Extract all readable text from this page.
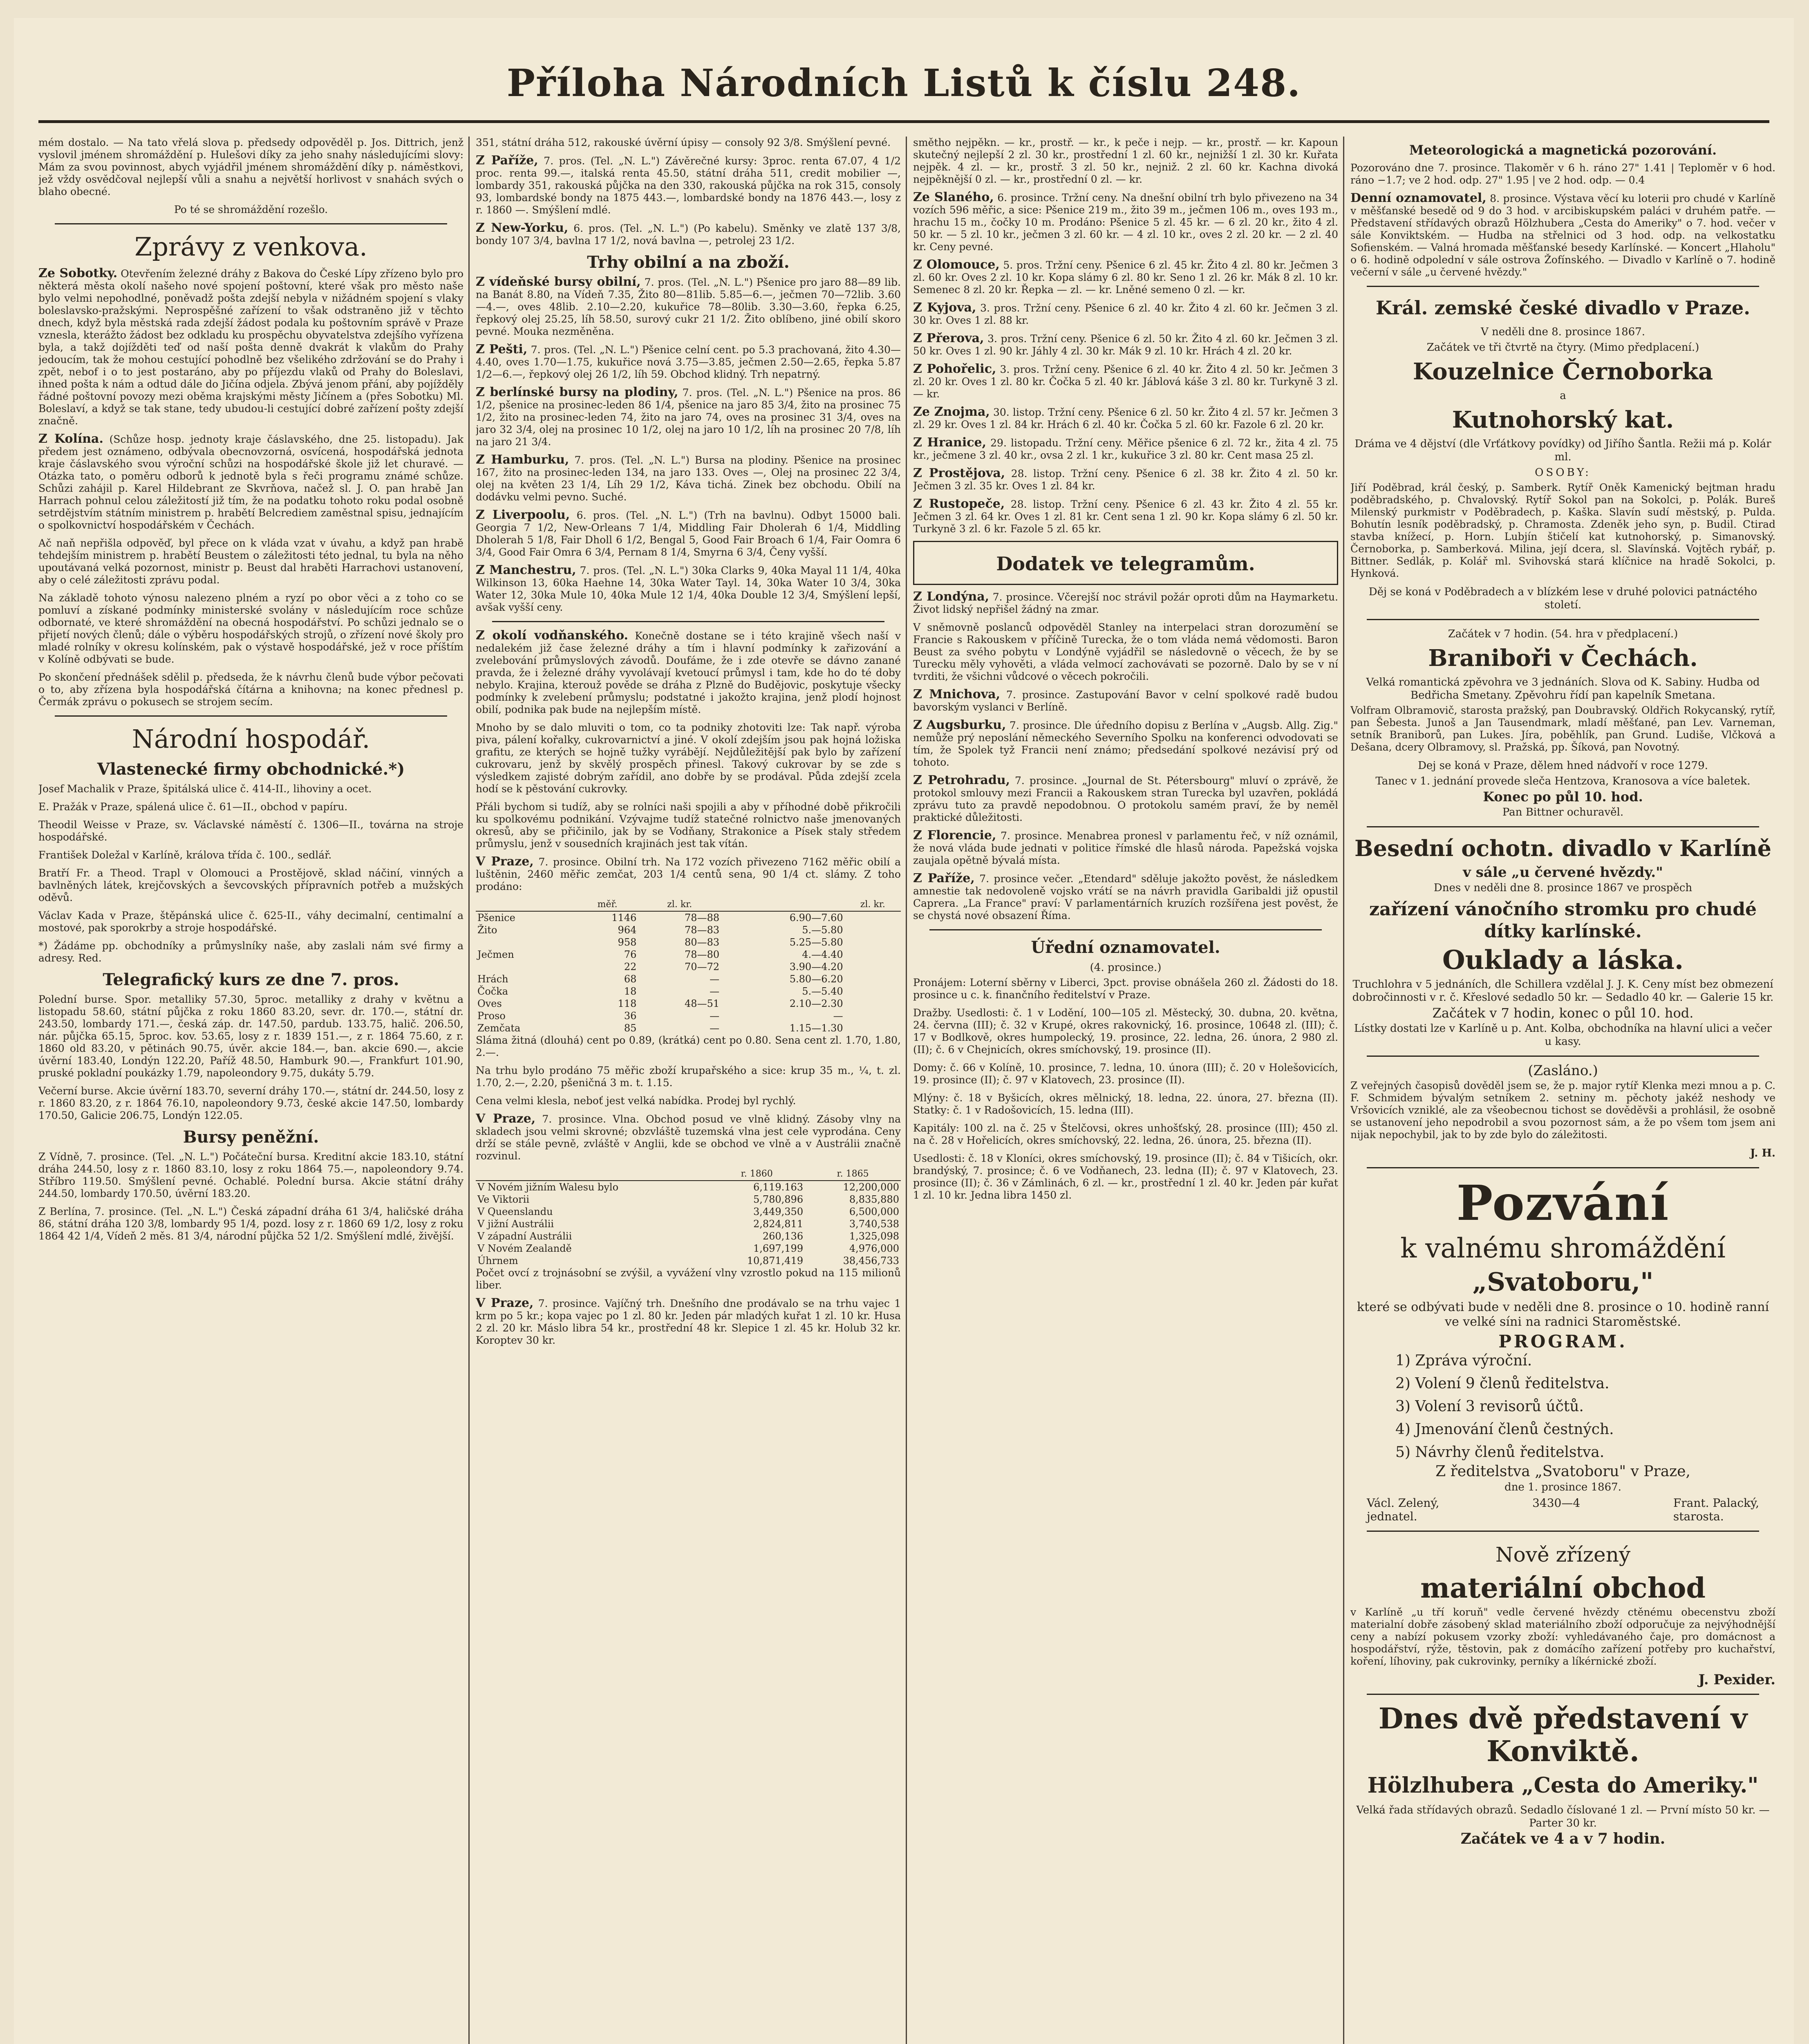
Příloha Národních Listů k číslu 248.

mém dostalo. — Na tato vřelá slova p. předsedy odpověděl p. Jos. Dittrich, jenž vyslovil jménem shromáždění p. Hulešovi díky za jeho snahy následujícími slovy: Mám za svou povinnost, abych vyjádřil jménem shromáždění díky p. náměstkovi, jež vždy osvědčoval nejlepší vůli a snahu a největší horlivost v snahách svých o blaho obecné.

Po té se shromáždění rozešlo.

Zprávy z venkova.

Ze Sobotky. Otevřením železné dráhy z Bakova do České Lípy zřízeno bylo pro některá města okolí našeho nové spojení poštovní, které však pro město naše bylo velmi nepohodlné, poněvadž pošta zdejší nebyla v nižádném spojení s vlaky boleslavsko-pražskými. Neprospěšné zařízení to však odstraněno již v těchto dnech, když byla městská rada zdejší žádost podala ku poštovním správě v Praze vznesla, kterážto žádost bez odkladu ku prospěchu obyvatelstva zdejšího vyřízena byla, a takž dojížděti teď od naší pošta denně dvakrát k vlakům do Prahy jedoucím, tak že mohou cestující pohodlně bez všelikého zdržování se do Prahy i zpět, nebof i o to jest postaráno, aby po příjezdu vlaků od Prahy do Boleslavi, ihned pošta k nám a odtud dále do Jičína odjela. Zbývá jenom přání, aby pojížděly řádné poštovní povozy mezi oběma krajskými městy Jičínem a (přes Sobotku) Ml. Boleslaví, a když se tak stane, tedy ubudou-li cestující dobré zařízení pošty zdejší značně.

Z Kolína. (Schůze hosp. jednoty kraje čáslavského, dne 25. listopadu). Jak předem jest oznámeno, odbývala obecnovzorná, osvícená, hospodářská jednota kraje čáslavského svou výroční schůzi na hospodářské škole již let churavé. — Otázka tato, o poměru odborů k jednotě byla s řeči programu známé schůze. Schůzi zahájil p. Karel Hildebrant ze Skvrňova, načež sl. J. O. pan hrabě Jan Harrach pohnul celou záležitostí již tím, že na podatku tohoto roku podal osobně setrdějstvím státním ministrem p. hrabětí Belcrediem zaměstnal spisu, jednajícím o spolkovnictví hospodářském v Čechách.

Ač naň nepřišla odpověď, byl přece on k vláda vzat v úvahu, a když pan hrabě tehdejším ministrem p. hrabětí Beustem o záležitosti této jednal, tu byla na něho upoutávaná velká pozornost, ministr p. Beust dal hraběti Harrachovi ustanovení, aby o celé záležitosti zprávu podal.

Na základě tohoto výnosu nalezeno plném a ryzí po obor věci a z toho co se pomluví a získané podmínky ministerské svolány v následujícím roce schůze odbornaté, ve které shromáždění na obecná hospodářství. Po schůzi jednalo se o přijetí nových členů; dále o výběru hospodářských strojů, o zřízení nové školy pro mladé rolníky v okresu kolínském, pak o výstavě hospodářské, jež v roce příštím v Kolíně odbývati se bude.

Po skončení přednášek sdělil p. předseda, že k návrhu členů bude výbor pečovati o to, aby zřízena byla hospodářská čítárna a knihovna; na konec přednesl p. Čermák zprávu o pokusech se strojem secím.

Národní hospodář.
Vlastenecké firmy obchodnické.*)

Josef Machalik v Praze, špitálská ulice č. 414-II., lihoviny a ocet.

E. Pražák v Praze, spálená ulice č. 61—II., obchod v papíru.

Theodil Weisse v Praze, sv. Václavské náměstí č. 1306—II., továrna na stroje hospodářské.

František Doležal v Karlíně, králova třída č. 100., sedlář.

Bratří Fr. a Theod. Trapl v Olomouci a Prostějově, sklad náčiní, vinných a bavlněných látek, krejčovských a ševcovských přípravních potřeb a mužských oděvů.

Václav Kada v Praze, štěpánská ulice č. 625-II., váhy decimalní, centimalní a mostové, pak sporokrby a stroje hospodářské.

*) Žádáme pp. obchodníky a průmyslníky naše, aby zaslali nám své firmy a adresy. Red.

Telegrafický kurs ze dne 7. pros.

Polední burse. Spor. metalliky 57.30, 5proc. metalliky z drahy v květnu a listopadu 58.60, státní půjčka z roku 1860 83.20, sevr. dr. 170.—, státní dr. 243.50, lombardy 171.—, česká záp. dr. 147.50, pardub. 133.75, halič. 206.50, nár. půjčka 65.15, 5proc. kov. 53.65, losy z r. 1839 151.—, z r. 1864 75.60, z r. 1860 old 83.20, v pětinách 90.75, úvěr. akcie 184.—, ban. akcie 690.—, akcie úvěrní 183.40, Londýn 122.20, Paříž 48.50, Hamburk 90.—, Frankfurt 101.90, pruské pokladní poukázky 1.79, napoleondory 9.75, dukáty 5.79.

Večerní burse. Akcie úvěrní 183.70, severní dráhy 170.—, státní dr. 244.50, losy z r. 1860 83.20, z r. 1864 76.10, napoleondory 9.73, české akcie 147.50, lombardy 170.50, Galicie 206.75, Londýn 122.05.

Bursy peněžní.

Z Vídně, 7. prosince. (Tel. „N. L.") Počáteční bursa. Kreditní akcie 183.10, státní dráha 244.50, losy z r. 1860 83.10, losy z roku 1864 75.—, napoleondory 9.74. Stříbro 119.50. Smýšlení pevné. Ochablé. Polední bursa. Akcie státní dráhy 244.50, lombardy 170.50, úvěrní 183.20.

Z Berlína, 7. prosince. (Tel. „N. L.") Česká západní dráha 61 3/4, haličské dráha 86, státní dráha 120 3/8, lombardy 95 1/4, pozd. losy z r. 1860 69 1/2, losy z roku 1864 42 1/4, Vídeň 2 měs. 81 3/4, národní půjčka 52 1/2. Smýšlení mdlé, živější.

351, státní dráha 512, rakouské úvěrní úpisy — consoly 92 3/8. Smýšlení pevné.

Z Paříže, 7. pros. (Tel. „N. L.") Závěrečné kursy: 3proc. renta 67.07, 4 1/2 proc. renta 99.—, italská renta 45.50, státní dráha 511, credit mobilier —, lombardy 351, rakouská půjčka na den 330, rakouská půjčka na rok 315, consoly 93, lombardské bondy na 1875 443.—, lombardské bondy na 1876 443.—, losy z r. 1860 —. Smýšlení mdlé.

Z New-Yorku, 6. pros. (Tel. „N. L.") (Po kabelu). Směnky ve zlatě 137 3/8, bondy 107 3/4, bavlna 17 1/2, nová bavlna —, petrolej 23 1/2.

Trhy obilní a na zboží.

Z vídeňské bursy obilní, 7. pros. (Tel. „N. L.") Pšenice pro jaro 88—89 lib. na Banát 8.80, na Vídeň 7.35, Žito 80—81lib. 5.85—6.—, ječmen 70—72lib. 3.60—4.—, oves 48lib. 2.10—2.20, kukuřice 78—80lib. 3.30—3.60, řepka 6.25, řepkový olej 25.25, líh 58.50, surový cukr 21 1/2. Žito oblíbeno, jiné obilí skoro pevné. Mouka nezměněna.

Z Pešti, 7. pros. (Tel. „N. L.") Pšenice celní cent. po 5.3 prachovaná, žito 4.30—4.40, oves 1.70—1.75, kukuřice nová 3.75—3.85, ječmen 2.50—2.65, řepka 5.87 1/2—6.—, řepkový olej 26 1/2, líh 59. Obchod klidný. Trh nepatrný.

Z berlínské bursy na plodiny, 7. pros. (Tel. „N. L.") Pšenice na pros. 86 1/2, pšenice na prosinec-leden 86 1/4, pšenice na jaro 85 3/4, žito na prosinec 75 1/2, žito na prosinec-leden 74, žito na jaro 74, oves na prosinec 31 3/4, oves na jaro 32 3/4, olej na prosinec 10 1/2, olej na jaro 10 1/2, líh na prosinec 20 7/8, líh na jaro 21 3/4.

Z Hamburku, 7. pros. (Tel. „N. L.") Bursa na plodiny. Pšenice na prosinec 167, žito na prosinec-leden 134, na jaro 133. Oves —, Olej na prosinec 22 3/4, olej na květen 23 1/4, Líh 29 1/2, Káva tichá. Zinek bez obchodu. Obilí na dodávku velmi pevno. Suché.

Z Liverpoolu, 6. pros. (Tel. „N. L.") (Trh na bavlnu). Odbyt 15000 bali. Georgia 7 1/2, New-Orleans 7 1/4, Middling Fair Dholerah 6 1/4, Middling Dholerah 5 1/8, Fair Dholl 6 1/2, Bengal 5, Good Fair Broach 6 1/4, Fair Oomra 6 3/4, Good Fair Omra 6 3/4, Pernam 8 1/4, Smyrna 6 3/4, Čeny vyšší.

Z Manchestru, 7. pros. (Tel. „N. L.") 30ka Clarks 9, 40ka Mayal 11 1/4, 40ka Wilkinson 13, 60ka Haehne 14, 30ka Water Tayl. 14, 30ka Water 10 3/4, 30ka Water 12, 30ka Mule 10, 40ka Mule 12 1/4, 40ka Double 12 3/4, Smýšlení lepší, avšak vyšší ceny.

Z okolí vodňanského. Konečně dostane se i této krajině všech naší v nedalekém již čase železné dráhy a tím i hlavní podmínky k zařizování a zvelebování průmyslových závodů. Doufáme, že i zde otevře se dávno zanané pravda, že i železné dráhy vyvolávají kvetoucí průmysl i tam, kde ho do té doby nebylo. Krajina, kterouž pověde se dráha z Plzně do Budějovic, poskytuje všecky podmínky k zvelebení průmyslu; podstatné i jakožto krajina, jenž plodí hojnost obilí, podnika pak bude na nejlepším místě.

Mnoho by se dalo mluviti o tom, co ta podniky zhotoviti lze: Tak např. výroba piva, pálení kořalky, cukrovarnictví a jiné. V okolí zdejším jsou pak hojná ložiska grafitu, ze kterých se hojně tužky vyrábějí. Nejdůležitější pak bylo by zařízení cukrovaru, jenž by skvělý prospěch přinesl. Takový cukrovar by se zde s výsledkem zajisté dobrým zařídil, ano dobře by se prodával. Půda zdejší zcela hodí se k pěstování cukrovky.

Přáli bychom si tudíž, aby se rolníci naši spojili a aby v příhodné době přikročili ku spolkovému podnikání. Vzývajme tudíž statečné rolnictvo naše jmenovaných okresů, aby se přičinilo, jak by se Vodňany, Strakonice a Písek staly středem průmyslu, jenž v sousedních krajinách jest tak vítán.

V Praze, 7. prosince. Obilní trh. Na 172 vozích přivezeno 7162 měřic obilí a luštěnin, 2460 měřic zemčat, 203 1/4 centů sena, 90 1/4 ct. slámy. Z toho prodáno:

	měř.	zl. kr.		zl. kr.
Pšenice	1146	78—88	6.90—7.60	
Žito	964	78—83	5.—5.80	
	958	80—83	5.25—5.80	
Ječmen	76	78—80	4.—4.40	
	22	70—72	3.90—4.20	
Hrách	68	—	5.80—6.20	
Čočka	18	—	5.—5.40	
Oves	118	48—51	2.10—2.30	
Proso	36	—	—	
Zemčata	85	—	1.15—1.30	

Sláma žitná (dlouhá) cent po 0.89, (krátká) cent po 0.80. Sena cent zl. 1.70, 1.80, 2.—.

Na trhu bylo prodáno 75 měřic zboží krupařského a sice: krup 35 m., ¼, t. zl. 1.70, 2.—, 2.20, pšeničná 3 m. t. 1.15.

Cena velmi klesla, neboť jest velká nabídka. Prodej byl rychlý.

V Praze, 7. prosince. Vlna. Obchod posud ve vlně klidný. Zásoby vlny na skladech jsou velmi skrovné; obzvláště tuzemská vlna jest cele vyprodána. Ceny drží se stále pevně, zvláště v Anglii, kde se obchod ve vlně a v Austrálii značně rozvinul.

	r. 1860	r. 1865
V Novém jižním Walesu bylo	6,119.163	12,200,000
Ve Viktorii	5,780,896	8,835,880
V Queenslandu	3,449,350	6,500,000
V jižní Austrálii	2,824,811	3,740,538
V západní Austrálii	260,136	1,325,098
V Novém Zealandě	1,697,199	4,976,000
Úhrnem	10,871,419	38,456,733

Počet ovcí z trojnásobní se zvýšil, a vyvážení vlny vzrostlo pokud na 115 milionů liber.

V Praze, 7. prosince. Vajíčný trh. Dnešního dne prodávalo se na trhu vajec 1 krm po 5 kr.; kopa vajec po 1 zl. 80 kr. Jeden pár mladých kuřat 1 zl. 10 kr. Husa 2 zl. 20 kr. Máslo libra 54 kr., prostřední 48 kr. Slepice 1 zl. 45 kr. Holub 32 kr. Koroptev 30 kr.

smětho nejpěkn. — kr., prostř. — kr., k peče i nejp. — kr., prostř. — kr. Kapoun skutečný nejlepší 2 zl. 30 kr., prostřední 1 zl. 60 kr., nejnižší 1 zl. 30 kr. Kuřata nejpěk. 4 zl. — kr., prostř. 3 zl. 50 kr., nejniž. 2 zl. 60 kr. Kachna divoká nejpěknější 0 zl. — kr., prostřední 0 zl. — kr.

Ze Slaného, 6. prosince. Tržní ceny. Na dnešní obilní trh bylo přivezeno na 34 vozích 596 měřic, a sice: Pšenice 219 m., žito 39 m., ječmen 106 m., oves 193 m., hrachu 15 m., čočky 10 m. Prodáno: Pšenice 5 zl. 45 kr. — 6 zl. 20 kr., žito 4 zl. 50 kr. — 5 zl. 10 kr., ječmen 3 zl. 60 kr. — 4 zl. 10 kr., oves 2 zl. 20 kr. — 2 zl. 40 kr. Ceny pevné.

Z Olomouce, 5. pros. Tržní ceny. Pšenice 6 zl. 45 kr. Žito 4 zl. 80 kr. Ječmen 3 zl. 60 kr. Oves 2 zl. 10 kr. Kopa slámy 6 zl. 80 kr. Seno 1 zl. 26 kr. Mák 8 zl. 10 kr. Semenec 8 zl. 20 kr. Řepka — zl. — kr. Lněné semeno 0 zl. — kr.

Z Kyjova, 3. pros. Tržní ceny. Pšenice 6 zl. 40 kr. Žito 4 zl. 60 kr. Ječmen 3 zl. 30 kr. Oves 1 zl. 88 kr.

Z Přerova, 3. pros. Tržní ceny. Pšenice 6 zl. 50 kr. Žito 4 zl. 60 kr. Ječmen 3 zl. 50 kr. Oves 1 zl. 90 kr. Jáhly 4 zl. 30 kr. Mák 9 zl. 10 kr. Hrách 4 zl. 20 kr.

Z Pohořelic, 3. pros. Tržní ceny. Pšenice 6 zl. 40 kr. Žito 4 zl. 50 kr. Ječmen 3 zl. 20 kr. Oves 1 zl. 80 kr. Čočka 5 zl. 40 kr. Jáblová káše 3 zl. 80 kr. Turkyně 3 zl. — kr.

Ze Znojma, 30. listop. Tržní ceny. Pšenice 6 zl. 50 kr. Žito 4 zl. 57 kr. Ječmen 3 zl. 29 kr. Oves 1 zl. 84 kr. Hrách 6 zl. 40 kr. Čočka 5 zl. 60 kr. Fazole 6 zl. 20 kr.

Z Hranice, 29. listopadu. Tržní ceny. Měřice pšenice 6 zl. 72 kr., žita 4 zl. 75 kr., ječmene 3 zl. 40 kr., ovsa 2 zl. 1 kr., kukuřice 3 zl. 80 kr. Cent masa 25 zl.

Z Prostějova, 28. listop. Tržní ceny. Pšenice 6 zl. 38 kr. Žito 4 zl. 50 kr. Ječmen 3 zl. 35 kr. Oves 1 zl. 84 kr.

Z Rustopeče, 28. listop. Tržní ceny. Pšenice 6 zl. 43 kr. Žito 4 zl. 55 kr. Ječmen 3 zl. 64 kr. Oves 1 zl. 81 kr. Cent sena 1 zl. 90 kr. Kopa slámy 6 zl. 50 kr. Turkyně 3 zl. 6 kr. Fazole 5 zl. 65 kr.

Dodatek ve telegramům.

Z Londýna, 7. prosince. Včerejší noc strávil požár oproti dům na Haymarketu. Život lidský nepřišel žádný na zmar.

V sněmovně poslanců odpověděl Stanley na interpelaci stran dorozumění se Francie s Rakouskem v příčině Turecka, že o tom vláda nemá vědomosti. Baron Beust za svého pobytu v Londýně vyjádřil se následovně o věcech, že by se Turecku měly vyhověti, a vláda velmocí zachovávati se pozorně. Dalo by se v ní tvrditi, že všichni vůdcové o věcech pokročili.

Z Mnichova, 7. prosince. Zastupování Bavor v celní spolkové radě budou bavorským vyslanci v Berlíně.

Z Augsburku, 7. prosince. Dle úředního dopisu z Berlína v „Augsb. Allg. Zig." nemůže prý neposlání německého Severního Spolku na konferenci odvodovati se tím, že Spolek tyž Francii není známo; předsedání spolkové nezávisí prý od tohoto.

Z Petrohradu, 7. prosince. „Journal de St. Pétersbourg" mluví o zprávě, že protokol smlouvy mezi Francii a Rakouskem stran Turecka byl uzavřen, pokládá zprávu tuto za pravdě nepodobnou. O protokolu samém praví, že by neměl praktické důležitosti.

Z Florencie, 7. prosince. Menabrea pronesl v parlamentu řeč, v níž oznámil, že nová vláda bude jednati v politice římské dle hlasů národa. Papežská vojska zaujala opětně bývalá místa.

Z Paříže, 7. prosince večer. „Etendard" sděluje jakožto pověst, že následkem amnestie tak nedovoleně vojsko vrátí se na návrh pravidla Garibaldi již opustil Caprera. „La France" praví: V parlamentárních kruzích rozšířena jest pověst, že se chystá nové obsazení Říma.

Úřední oznamovatel.
(4. prosince.)

Pronájem: Loterní sběrny v Liberci, 3pct. provise obnášela 260 zl. Žádosti do 18. prosince u c. k. finančního ředitelství v Praze.

Dražby. Usedlosti: č. 1 v Lodění, 100—105 zl. Městecký, 30. dubna, 20. května, 24. června (III); č. 32 v Krupé, okres rakovnický, 16. prosince, 10648 zl. (III); č. 17 v Bodlkově, okres humpolecký, 19. prosince, 22. ledna, 26. února, 2 980 zl. (II); č. 6 v Chejnicích, okres smíchovský, 19. prosince (II).

Domy: č. 66 v Kolíně, 10. prosince, 7. ledna, 10. února (III); č. 20 v Holešovicích, 19. prosince (II); č. 97 v Klatovech, 23. prosince (II).

Mlýny: č. 18 v Byšicích, okres mělnický, 18. ledna, 22. února, 27. března (II). Statky: č. 1 v Radošovicích, 15. ledna (III).

Kapitály: 100 zl. na č. 25 v Štelčovsi, okres unhošťský, 28. prosince (III); 450 zl. na č. 28 v Hořelicích, okres smíchovský, 22. ledna, 26. února, 25. března (II).

Usedlosti: č. 18 v Kloníci, okres smíchovský, 19. prosince (II); č. 84 v Tišicích, okr. brandýský, 7. prosince; č. 6 ve Vodňanech, 23. ledna (II); č. 97 v Klatovech, 23. prosince (II); č. 36 v Zámlinách, 6 zl. — kr., prostřední 1 zl. 40 kr. Jeden pár kuřat 1 zl. 10 kr. Jedna libra 1450 zl.

Meteorologická a magnetická pozorování.

Pozorováno dne 7. prosince. Tlakoměr v 6 h. ráno 27" 1.41 | Teploměr v 6 hod. ráno −1.7; ve 2 hod. odp. 27" 1.95 | ve 2 hod. odp. — 0.4

Denní oznamovatel, 8. prosince. Výstava věcí ku loterii pro chudé v Karlíně v měšťanské besedě od 9 do 3 hod. v arcibiskupském paláci v druhém patře. — Představení střídavých obrazů Hölzhubera „Cesta do Ameriky" o 7. hod. večer v sále Konviktském. — Hudba na střelnici od 3 hod. odp. na velkostatku Sofienském. — Valná hromada měšťanské besedy Karlínské. — Koncert „Hlaholu" o 6. hodině odpolední v sále ostrova Žofínského. — Divadlo v Karlíně o 7. hodině večerní v sále „u červené hvězdy."

Král. zemské české divadlo v Praze.
V neděli dne 8. prosince 1867.
Začátek ve tři čtvrtě na čtyry. (Mimo předplacení.)
Kouzelnice Černoborka
a
Kutnohorský kat.
Dráma ve 4 dějství (dle Vrťátkovy povídky) od Jiřího Šantla. Režii má p. Kolár ml.
OSOBY:

Jiří Poděbrad, král český, p. Samberk. Rytíř Oněk Kamenický bejtman hradu poděbradského, p. Chvalovský. Rytíř Sokol pan na Sokolci, p. Polák. Bureš Milenský purkmistr v Poděbradech, p. Kaška. Slavín sudí městský, p. Pulda. Bohutín lesník poděbradský, p. Chramosta. Zdeněk jeho syn, p. Budil. Ctirad stavba knížecí, p. Horn. Lubjín štičelí kat kutnohorský, p. Simanovský. Černoborka, p. Samberková. Milina, její dcera, sl. Slavínská. Vojtěch rybář, p. Bittner. Sedlák, p. Kolář ml. Svihovská stará klíčnice na hradě Sokolci, p. Hynková.

Děj se koná v Poděbradech a v blízkém lese v druhé polovici patnáctého století.
Začátek v 7 hodin. (54. hra v předplacení.)
Braniboři v Čechách.
Velká romantická zpěvohra ve 3 jednáních. Slova od K. Sabiny. Hudba od Bedřicha Smetany. Zpěvohru řídí pan kapelník Smetana.

Volfram Olbramovič, starosta pražský, pan Doubravský. Oldřich Rokycanský, rytíř, pan Šebesta. Junoš a Jan Tausendmark, mladí měšťané, pan Lev. Varneman, setník Braniborů, pan Lukes. Jíra, poběhlík, pan Grund. Ludiše, Vlčková a Dešana, dcery Olbramovy, sl. Pražská, pp. Šíková, pan Novotný.

Dej se koná v Praze, dělem hned nádvoří v roce 1279.
Tanec v 1. jednání provede sleča Hentzova, Kranosova a více baletek.
Konec po půl 10. hod.
Pan Bittner ochuravěl.
Besední ochotn. divadlo v Karlíně
v sále „u červené hvězdy."
Dnes v neděli dne 8. prosince 1867 ve prospěch
zařízení vánočního stromku pro chudé dítky karlínské.
Ouklady a láska.
Truchlohra v 5 jednáních, dle Schillera vzdělal J. J. K. Ceny míst bez obmezení dobročinnosti v r. č. Křeslové sedadlo 50 kr. — Sedadlo 40 kr. — Galerie 15 kr.
Začátek v 7 hodin, konec o půl 10. hod.
Lístky dostati lze v Karlíně u p. Ant. Kolba, obchodníka na hlavní ulici a večer u kasy.
(Zasláno.)

Z veřejných časopisů dověděl jsem se, že p. major rytíř Klenka mezi mnou a p. C. F. Schmidem bývalým setníkem 2. setniny m. pěchoty jakéž neshody ve Vršovicích vzniklé, ale za všeobecnou tichost se dověděvši a prohlásil, že osobně se ustanovení jeho nepodrobil a svou pozornost sám, a že po všem tom jsem ani nijak nepochybil, jak to by zde bylo do záležitosti.

J. H.
Pozvání
k valnému shromáždění
„Svatoboru,"

které se odbývati bude v neděli dne 8. prosince o 10. hodině ranní ve velké síni na radnici Staroměstské.

PROGRAM.
1) Zpráva výroční.
2) Volení 9 členů ředitelstva.
3) Volení 3 revisorů účtů.
4) Jmenování členů čestných.
5) Návrhy členů ředitelstva.
Z ředitelstva „Svatoboru" v Praze,
dne 1. prosince 1867.
Václ. Zelený,
jednatel.
3430—4	Frant. Palacký,
starosta.
Nově zřízený
materiální obchod

v Karlíně „u tří koruň" vedle červené hvězdy ctěnému obecenstvu zboží materialní dobře zásobený sklad materiálního zboží odporučuje za nejvýhodnější ceny a nabízí pokusem vzorky zboží: vyhledávaného čaje, pro domácnost a hospodářství, rýže, těstovin, pak z domácího zařízení potřeby pro kuchařství, koření, líhoviny, pak cukrovinky, perníky a líkérnické zboží.

J. Pexider.
Dnes dvě představení v Konviktě.
Hölzlhubera „Cesta do Ameriky."
Velká řada střídavých obrazů. Sedadlo číslované 1 zl. — První místo 50 kr. — Parter 30 kr.
Začátek ve 4 a v 7 hodin.
